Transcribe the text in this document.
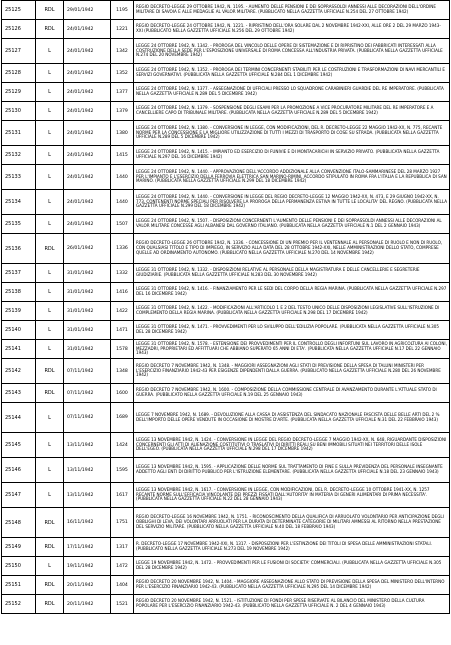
25125	RDL	29/01/1942	1195	REGIO DECRETO-LEGGE 29 OTTOBRE 1942, N. 1195. - AUMENTO DELLE PENSIONI E DEI SOPRASSOLDI ANNESSI ALLE DECORAZIONI DELL'ORDINE MILITARE DI SAVOIA E ALLE MEDAGLIE AL VALOR MILITARE. (PUBBLICATO NELLA GAZZETTA UFFICIALE N.254 DEL 27 OTTOBRE 1942)
25126	RDL	24/01/1942	1221	REGIO DECRETO-LEGGE 24 OTTOBRE 1942, N. 1221. - RIPRISTINO DELL'ORA SOLARE DAL 2 NOVEMBRE 1942-XXI, ALLE ORE 2 DEL 29 MARZO 1943-XXI (PUBBLICATO NELLA GAZZETTA UFFICIALE N.256 DEL 29 OTTOBRE 1942)
25127	L	24/01/1942	1342	LEGGE 24 OTTOBRE 1942, N. 1342. - PROROGA DEL VINCOLO DELLE OPERE DI SISTEMAZIONE E DI RIPRISTINO DEI FABBRICATI INTERESSATI ALLA COSTRUZIONE DELLA SEDE PER L'ESPOSIZIONE UNIVERSALE DI ROMA CONCESSA ALL'INDUSTRIA PRIVATA. (PUBBLICATA NELLA GAZZETTA UFFICIALE N.274 DEL 20 NOVEMBRE 1942)
25128	L	24/01/1942	1352	LEGGE 24 OTTOBRE 1942, N. 1352. - PROROGA DEI TERMINI CONCERNENTI STABILITI PER LE COSTRUZIONI E TRASFORMAZIONI DI NAVI MERCANTILI E SERVIZI GOVERNATIVI. (PUBBLICATA NELLA GAZZETTA UFFICIALE N.284 DEL 1 DICEMBRE 1942)
25129	L	24/01/1942	1377	LEGGE 24 OTTOBRE 1942, N. 1377. - ASSEGNAZIONE DI UFFICIALI PRESSO LO SQUADRONE CARABINIERI GUARDIE DEL RE IMPERATORE. (PUBBLICATA NELLA GAZZETTA UFFICIALE N.289 DEL 5 DICEMBRE 1942)
25130	L	24/01/1942	1379	LEGGE 24 OTTOBRE 1942, N. 1379. - SOSPENSIONE DEGLI ESAMI PER LA PROMOZIONE A VICE PROCURATORE MILITARE DEL RE IMPERATORE E A CANCELLIERE CAPO DI TRIBUNALE MILITARE. (PUBBLICATA NELLA GAZZETTA UFFICIALE N.289 DEL 5 DICEMBRE 1942)
25131	L	24/01/1942	1380	LEGGE 24 OTTOBRE 1942, N. 1380. - CONVERSIONE IN LEGGE, CON MODIFICAZIONI, DEL R. DECRETO-LEGGE 22 MAGGIO 1942-XX, N. 775, RECANTE NORME PER LA CONCESSIONE E LA MIGLIORE UTILIZZAZIONE DI TUTTI I MEZZI DI TRASPORTO DI COSE SU STRADA. (PUBBLICATA NELLA GAZZETTA UFFICIALE N.289 DEL 5 DICEMBRE 1942)
25132	L	24/01/1942	1415	LEGGE 24 OTTOBRE 1942, N. 1415. - IMPIANTO ED ESERCIZIO DI FUNIVIE E DI MONTACARICHI IN SERVIZIO PRIVATO. (PUBBLICATA NELLA GAZZETTA UFFICIALE N.297 DEL 16 DICEMBRE 1942)
25133	L	24/01/1942	1440	LEGGE 24 OTTOBRE 1942, N. 1440. - APPROVAZIONE DELL'ACCORDO ADDIZIONALE ALLA CONVENZIONE ITALO-SAMMARINESE DEL 28 MARZO 1927 PER L'IMPIANTO E L'ESERCIZIO DELLA FERROVIA ELETTRICA SAN MARINO-RIMINI, ACCORDO STIPULATO IN ROMA FRA L'ITALIA E LA REPUBBLICA DI SAN MARINO. (PUBBLICATA NELLA GAZZETTA UFFICIALE N.299 DEL 18 DICEMBRE 1942)
25134	L	24/01/1942	1440	LEGGE 24 OTTOBRE 1942, N. 1440. - CONVERSIONE IN LEGGE DEL REGIO DECRETO-LEGGE 12 MAGGIO 1942-XX, N. 473, E 29 GIUGNO 1942-XX, N. 773, CONTENENTI NORME SPECIALI PER RISOLVERE LA PROROGA DELLA PERMANENZA ESTIVA IN TUTTE LE LOCALITA' DEL REGNO. (PUBBLICATA NELLA GAZZETTA UFFICIALE N.299 DEL 18 DICEMBRE 1942)
25135	L	24/01/1942	1507	LEGGE 24 OTTOBRE 1942, N. 1507. - DISPOSIZIONI CONCERNENTI L'AUMENTO DELLE PENSIONI E DEI SOPRASSOLDI ANNESSI ALLE DECORAZIONI AL VALOR MILITARE CONCESSE AGLI ALBANESI DAL GOVERNO ITALIANO. (PUBBLICATA NELLA GAZZETTA UFFICIALE N.1 DEL 2 GENNAIO 1943)
25136	RDL	26/01/1942	1336	REGIO DECRETO-LEGGE 26 OTTOBRE 1942, N. 1336. - CONCESSIONE DI UN PREMIO PER IL VENTENNALE AL PERSONALE DI RUOLO E NON DI RUOLO, CON QUALSIASI TITOLO E TIPO DI IMPIEGO, IN SERVIZIO ALLA DATA DEL 28 OTTOBRE 1942-XXI, NELLE AMMINISTRAZIONI DELLO STATO, COMPRESE QUELLE AD ORDINAMENTO AUTONOMO. (PUBBLICATO NELLA GAZZETTA UFFICIALE N.270 DEL 14 NOVEMBRE 1942)
25137	L	31/01/1942	1332	LEGGE 31 OTTOBRE 1942, N. 1332. - DISPOSIZIONI RELATIVE AL PERSONALE DELLA MAGISTRATURA E DELLE CANCELLERIE E SEGRETERIE GIUDIZIARIE. (PUBBLICATA NELLA GAZZETTA UFFICIALE N.283 DEL 30 NOVEMBRE 1942)
25138	L	31/01/1942	1416	LEGGE 31 OTTOBRE 1942, N. 1416. - FINANZIAMENTO PER LE SEDI DEL CORPO DELLA REGIA MARINA. (PUBBLICATA NELLA GAZZETTA UFFICIALE N.297 DEL 16 DICEMBRE 1942)
25139	L	31/01/1942	1422	LEGGE 31 OTTOBRE 1942, N. 1422. - MODIFICAZIONI ALL'ARTICOLO 1 E 2 DEL TESTO UNICO DELLE DISPOSIZIONI LEGISLATIVE SULL'ISTRUZIONE DI COMPLEMENTO DELLA REGIA MARINA. (PUBBLICATA NELLA GAZZETTA UFFICIALE N.298 DEL 17 DICEMBRE 1942)
25140	L	31/01/1942	1471	LEGGE 31 OTTOBRE 1942, N. 1471. - PROVVEDIMENTI PER LO SVILUPPO DELL'EDILIZIA POPOLARE. (PUBBLICATA NELLA GAZZETTA UFFICIALE N.305 DEL 28 DICEMBRE 1942)
25141	L	31/01/1942	1578	LEGGE 31 OTTOBRE 1942, N. 1578. - ESTENSIONE DEI PROVVEDIMENTI PER IL CONTROLLO DEGLI INFORTUNI SUL LAVORO IN AGRICOLTURA AI COLONI, MEZZADRI, PROPRIETARI ED AFFITTUARI CHE ABBIANO SUPERATO 65 ANNI DI ETA'. (PUBBLICATA NELLA GAZZETTA UFFICIALE N.17 DEL 22 GENNAIO 1943)
25142	RDL	07/11/1942	1348	REGIO DECRETO 7 NOVEMBRE 1942, N. 1348. - MAGGIORI ASSEGNAZIONI AGLI STATI DI PREVISIONE DELLA SPESA DI TALUNI MINISTERI PER L'ESERCIZIO FINANZIARIO 1942-43 PER ESIGENZE DIPENDENTI DALLA GUERRA. (PUBBLICATO NELLA GAZZETTA UFFICIALE N.280 DEL 26 NOVEMBRE 1942)
25143	RDL	07/11/1942	1600	REGIO DECRETO 7 NOVEMBRE 1942, N. 1600. - COMPOSIZIONE DELLA COMMISSIONE CENTRALE DI AVANZAMENTO DURANTE L'ATTUALE STATO DI GUERRA. (PUBBLICATO NELLA GAZZETTA UFFICIALE N.19 DEL 25 GENNAIO 1943)
25144	L	07/11/1942	1689	LEGGE 7 NOVEMBRE 1942, N. 1689. - DEVOLUZIONE ALLA CASSA DI ASSISTENZA DEL SINDACATO NAZIONALE FASCISTA DELLE BELLE ARTI DEL 2 % DELL'IMPORTO DELLE OPERE VENDUTE IN OCCASIONE DI MOSTRE D'ARTE. (PUBBLICATA NELLA GAZZETTA UFFICIALE N.31 DEL 22 FEBBRAIO 1943)
25145	L	13/11/1942	1424	LEGGE 13 NOVEMBRE 1942, N. 1424. - CONVERSIONE IN LEGGE DEL REGIO DECRETO-LEGGE 7 MAGGIO 1942-XX, N. 648, RIGUARDANTE DISPOSIZIONI CONCERNENTI GLI ATTI DI ALIENAZIONE COSTITUTIVI O TRASLATIVI DI DIRITTI REALI SU BENI IMMOBILI SITUATI NEI TERRITORI DELLE ISOLE DELL'EGEO. (PUBBLICATA NELLA GAZZETTA UFFICIALE N.298 DEL 17 DICEMBRE 1942)
25146	L	13/11/1942	1595	LEGGE 13 NOVEMBRE 1942, N. 1595. - APPLICAZIONE DELLE NORME SUL TRATTAMENTO DI FINE E SULLA PREVIDENZA DEL PERSONALE INSEGNANTE ADDETTO AGLI ENTI DI DIRITTO PUBBLICO PER L'ISTRUZIONE ELEMENTARE. (PUBBLICATA NELLA GAZZETTA UFFICIALE N.18 DEL 23 GENNAIO 1943)
25147	L	13/11/1942	1617	LEGGE 13 NOVEMBRE 1942, N. 1617. - CONVERSIONE IN LEGGE, CON MODIFICAZIONI, DEL R. DECRETO-LEGGE 10 OTTOBRE 1941-XX, N. 1257 RECANTE NORME SULL'EFFICACIA VINCOLANTE DEI PREZZI FISSATI DALL'AUTORITA' IN MATERIA DI GENERI ALIMENTARI DI PRIMA NECESSITA'. (PUBBLICATA NELLA GAZZETTA UFFICIALE N.22 DEL 28 GENNAIO 1943)
25148	RDL	16/11/1942	1751	REGIO DECRETO-LEGGE 16 NOVEMBRE 1942, N. 1751. - RICONOSCIMENTO DELLA QUALIFICA DI ARRUOLATO VOLONTARIO PER ANTICIPAZIONE DEGLI OBBLIGHI DI LEVA, DEI VOLONTARI ARRUOLATI PER LA DURATA DI DETERMINATE CATEGORIE DI MILITARI AMMESSI AL RITORNO NELLA PRESTAZIONE DEL SERVIZIO MILITARE. (PUBBLICATO NELLA GAZZETTA UFFICIALE N.40 DEL 18 FEBBRAIO 1943)
25149	RDL	17/11/1942	1317	R. DECRETO-LEGGE 17 NOVEMBRE 1942-XXI, N. 1317. - DISPOSIZIONI PER L'ESTINZIONE DEI TITOLI DI SPESA DELLE AMMINISTRAZIONI STATALI. (PUBBLICATO NELLA GAZZETTA UFFICIALE N.273 DEL 19 NOVEMBRE 1942)
25150	L	19/11/1942	1472	LEGGE 19 NOVEMBRE 1942, N. 1472. - PROVVEDIMENTI PER LE FUSIONI DI SOCIETA' COMMERCIALI. (PUBBLICATA NELLA GAZZETTA UFFICIALE N.305 DEL 28 DICEMBRE 1942)
25151	RDL	20/11/1942	1404	REGIO DECRETO 20 NOVEMBRE 1942, N. 1404. - MAGGIORE ASSEGNAZIONE ALLO STATO DI PREVISIONE DELLA SPESA DEL MINISTERO DELL'INTERNO PER L'ESERCIZIO FINANZIARIO 1942-43. (PUBBLICATO NELLA GAZZETTA UFFICIALE N.295 DEL 14 DICEMBRE 1942)
25152	RDL	20/11/1942	1521	REGIO DECRETO 20 NOVEMBRE 1942, N. 1521. - ISTITUZIONE DI FONDI PER SPESE RISERVATE AL BILANCIO DEL MINISTERO DELLA CULTURA POPOLARE PER L'ESERCIZIO FINANZIARIO 1942-43. (PUBBLICATO NELLA GAZZETTA UFFICIALE N. 2 DEL 4 GENNAIO 1943)
